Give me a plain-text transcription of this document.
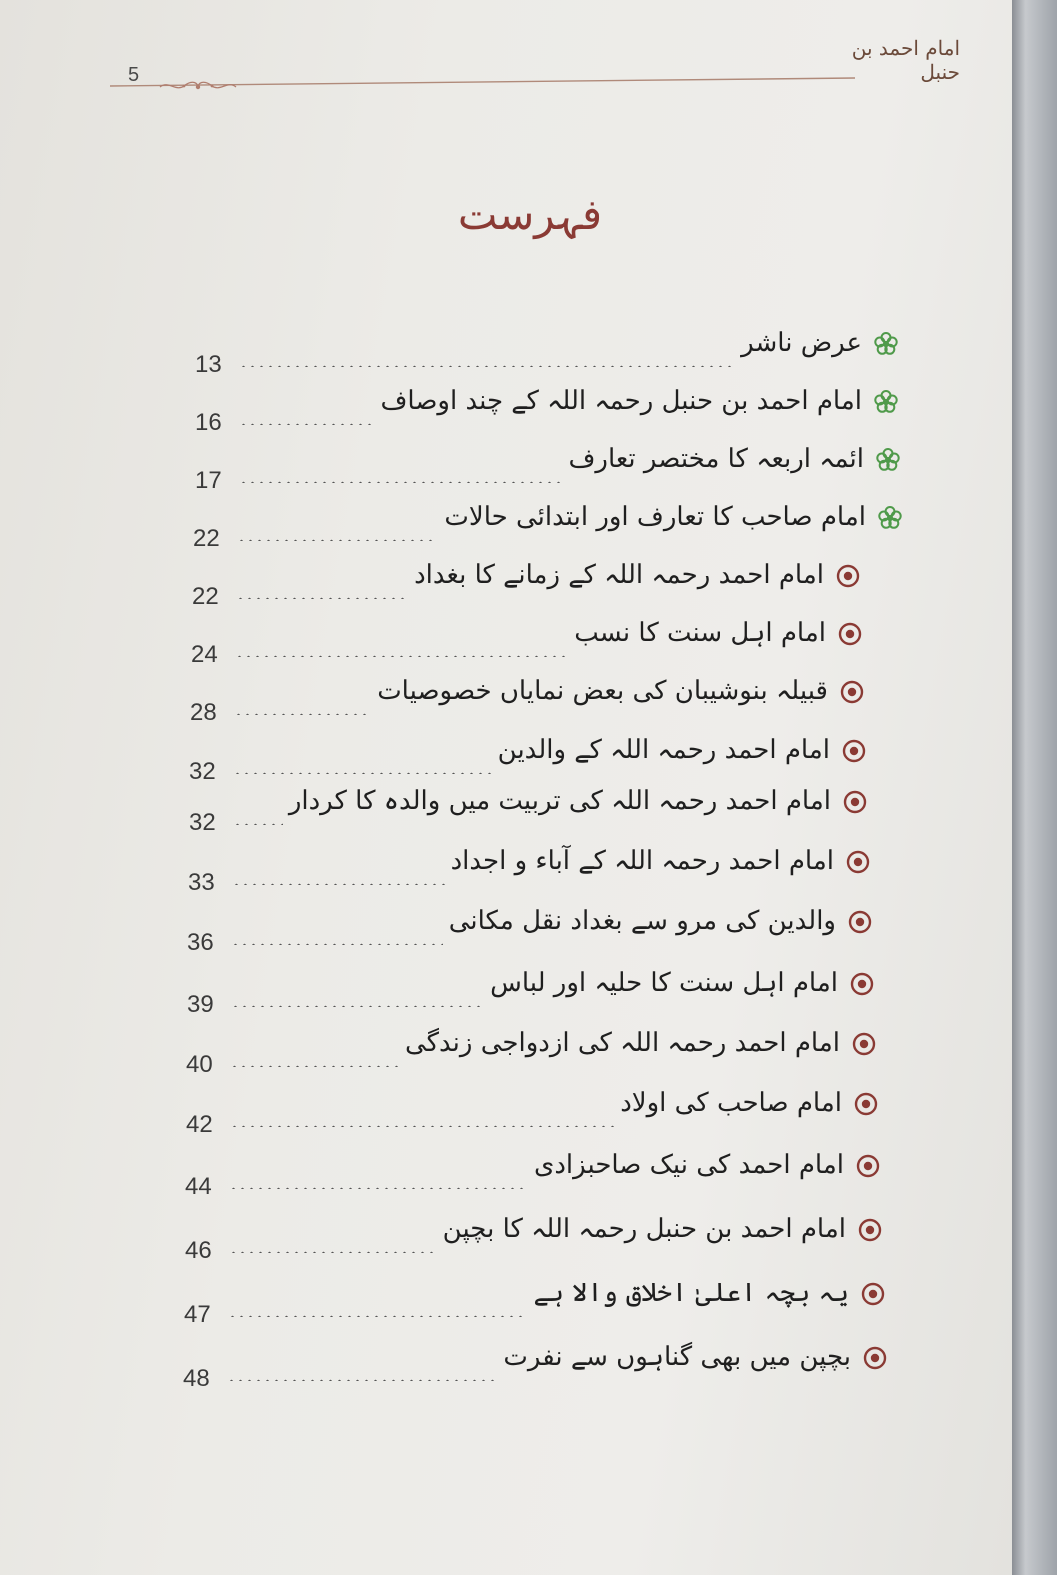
5
امام احمد بن حنبل
فہرست
13
عرض ناشر
16
امام احمد بن حنبل رحمہ اللہ کے چند اوصاف
17
ائمہ اربعہ کا مختصر تعارف
22
امام صاحب کا تعارف اور ابتدائی حالات
22
امام احمد رحمہ اللہ کے زمانے کا بغداد
24
امام اہل سنت کا نسب
28
قبیلہ بنوشیبان کی بعض نمایاں خصوصیات
32
امام احمد رحمہ اللہ کے والدین
32
امام احمد رحمہ اللہ کی تربیت میں والدہ کا کردار
33
امام احمد رحمہ اللہ کے آباء و اجداد
36
والدین کی مرو سے بغداد نقل مکانی
39
امام اہل سنت کا حلیہ اور لباس
40
امام احمد رحمہ اللہ کی ازدواجی زندگی
42
امام صاحب کی اولاد
44
امام احمد کی نیک صاحبزادی
46
امام احمد بن حنبل رحمہ اللہ کا بچپن
47
یہ بچہ اعلیٰ اخلاق والا ہے
48
بچپن میں بھی گناہوں سے نفرت
